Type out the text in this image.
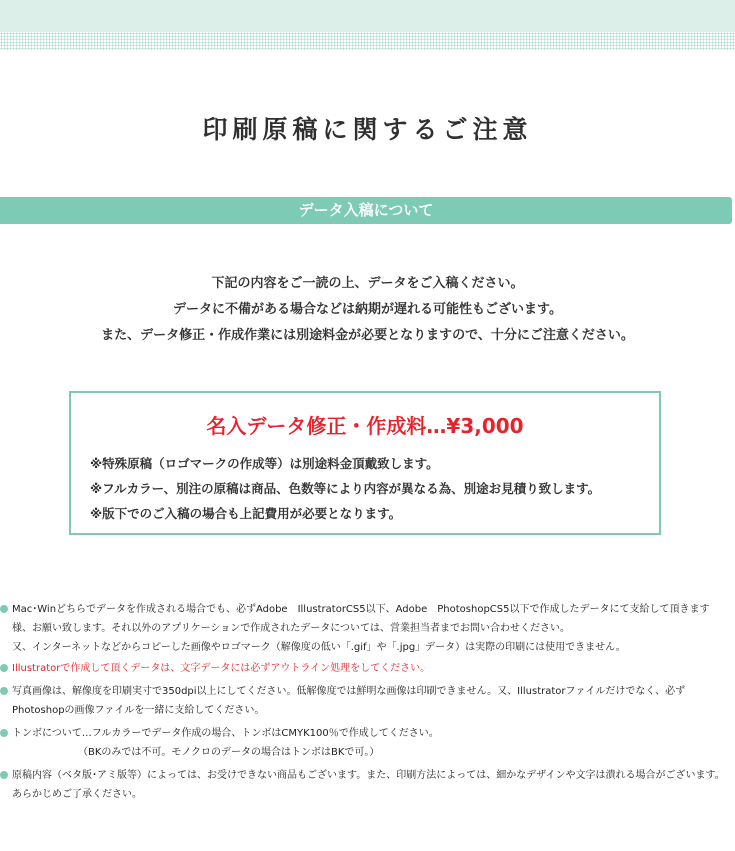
印刷原稿に関するご注意
データ入稿について
下記の内容をご一読の上、データをご入稿ください。
データに不備がある場合などは納期が遅れる可能性もございます。
また、データ修正・作成作業には別途料金が必要となりますので、十分にご注意ください。
名入データ修正・作成料…¥3,000
※特殊原稿（ロゴマークの作成等）は別途料金頂戴致します。
※フルカラー、別注の原稿は商品、色数等により内容が異なる為、別途お見積り致します。
※版下でのご入稿の場合も上記費用が必要となります。
Mac･Winどちらでデータを作成される場合でも、必ずAdobe　IllustratorCS5以下、Adobe　PhotoshopCS5以下で作成したデータにて支給して頂きます
様、お願い致します。それ以外のアプリケーションで作成されたデータについては、営業担当者までお問い合わせください。
又、インターネットなどからコピーした画像やロゴマーク（解像度の低い「.gif」や「.jpg」データ）は実際の印刷には使用できません。
Illustratorで作成して頂くデータは、文字データには必ずアウトライン処理をしてください。
写真画像は、解像度を印刷実寸で350dpi以上にしてください。低解像度では鮮明な画像は印刷できません。又、Illustratorファイルだけでなく、必ず
Photoshopの画像ファイルを一緒に支給してください。
トンボについて…フルカラーでデータ作成の場合、トンボはCMYK100％で作成してください。
（BKのみでは不可。モノクロのデータの場合はトンボはBKで可。）
原稿内容（ベタ版･アミ版等）によっては、お受けできない商品もございます。また、印刷方法によっては、細かなデザインや文字は潰れる場合がございます。
あらかじめご了承ください。
